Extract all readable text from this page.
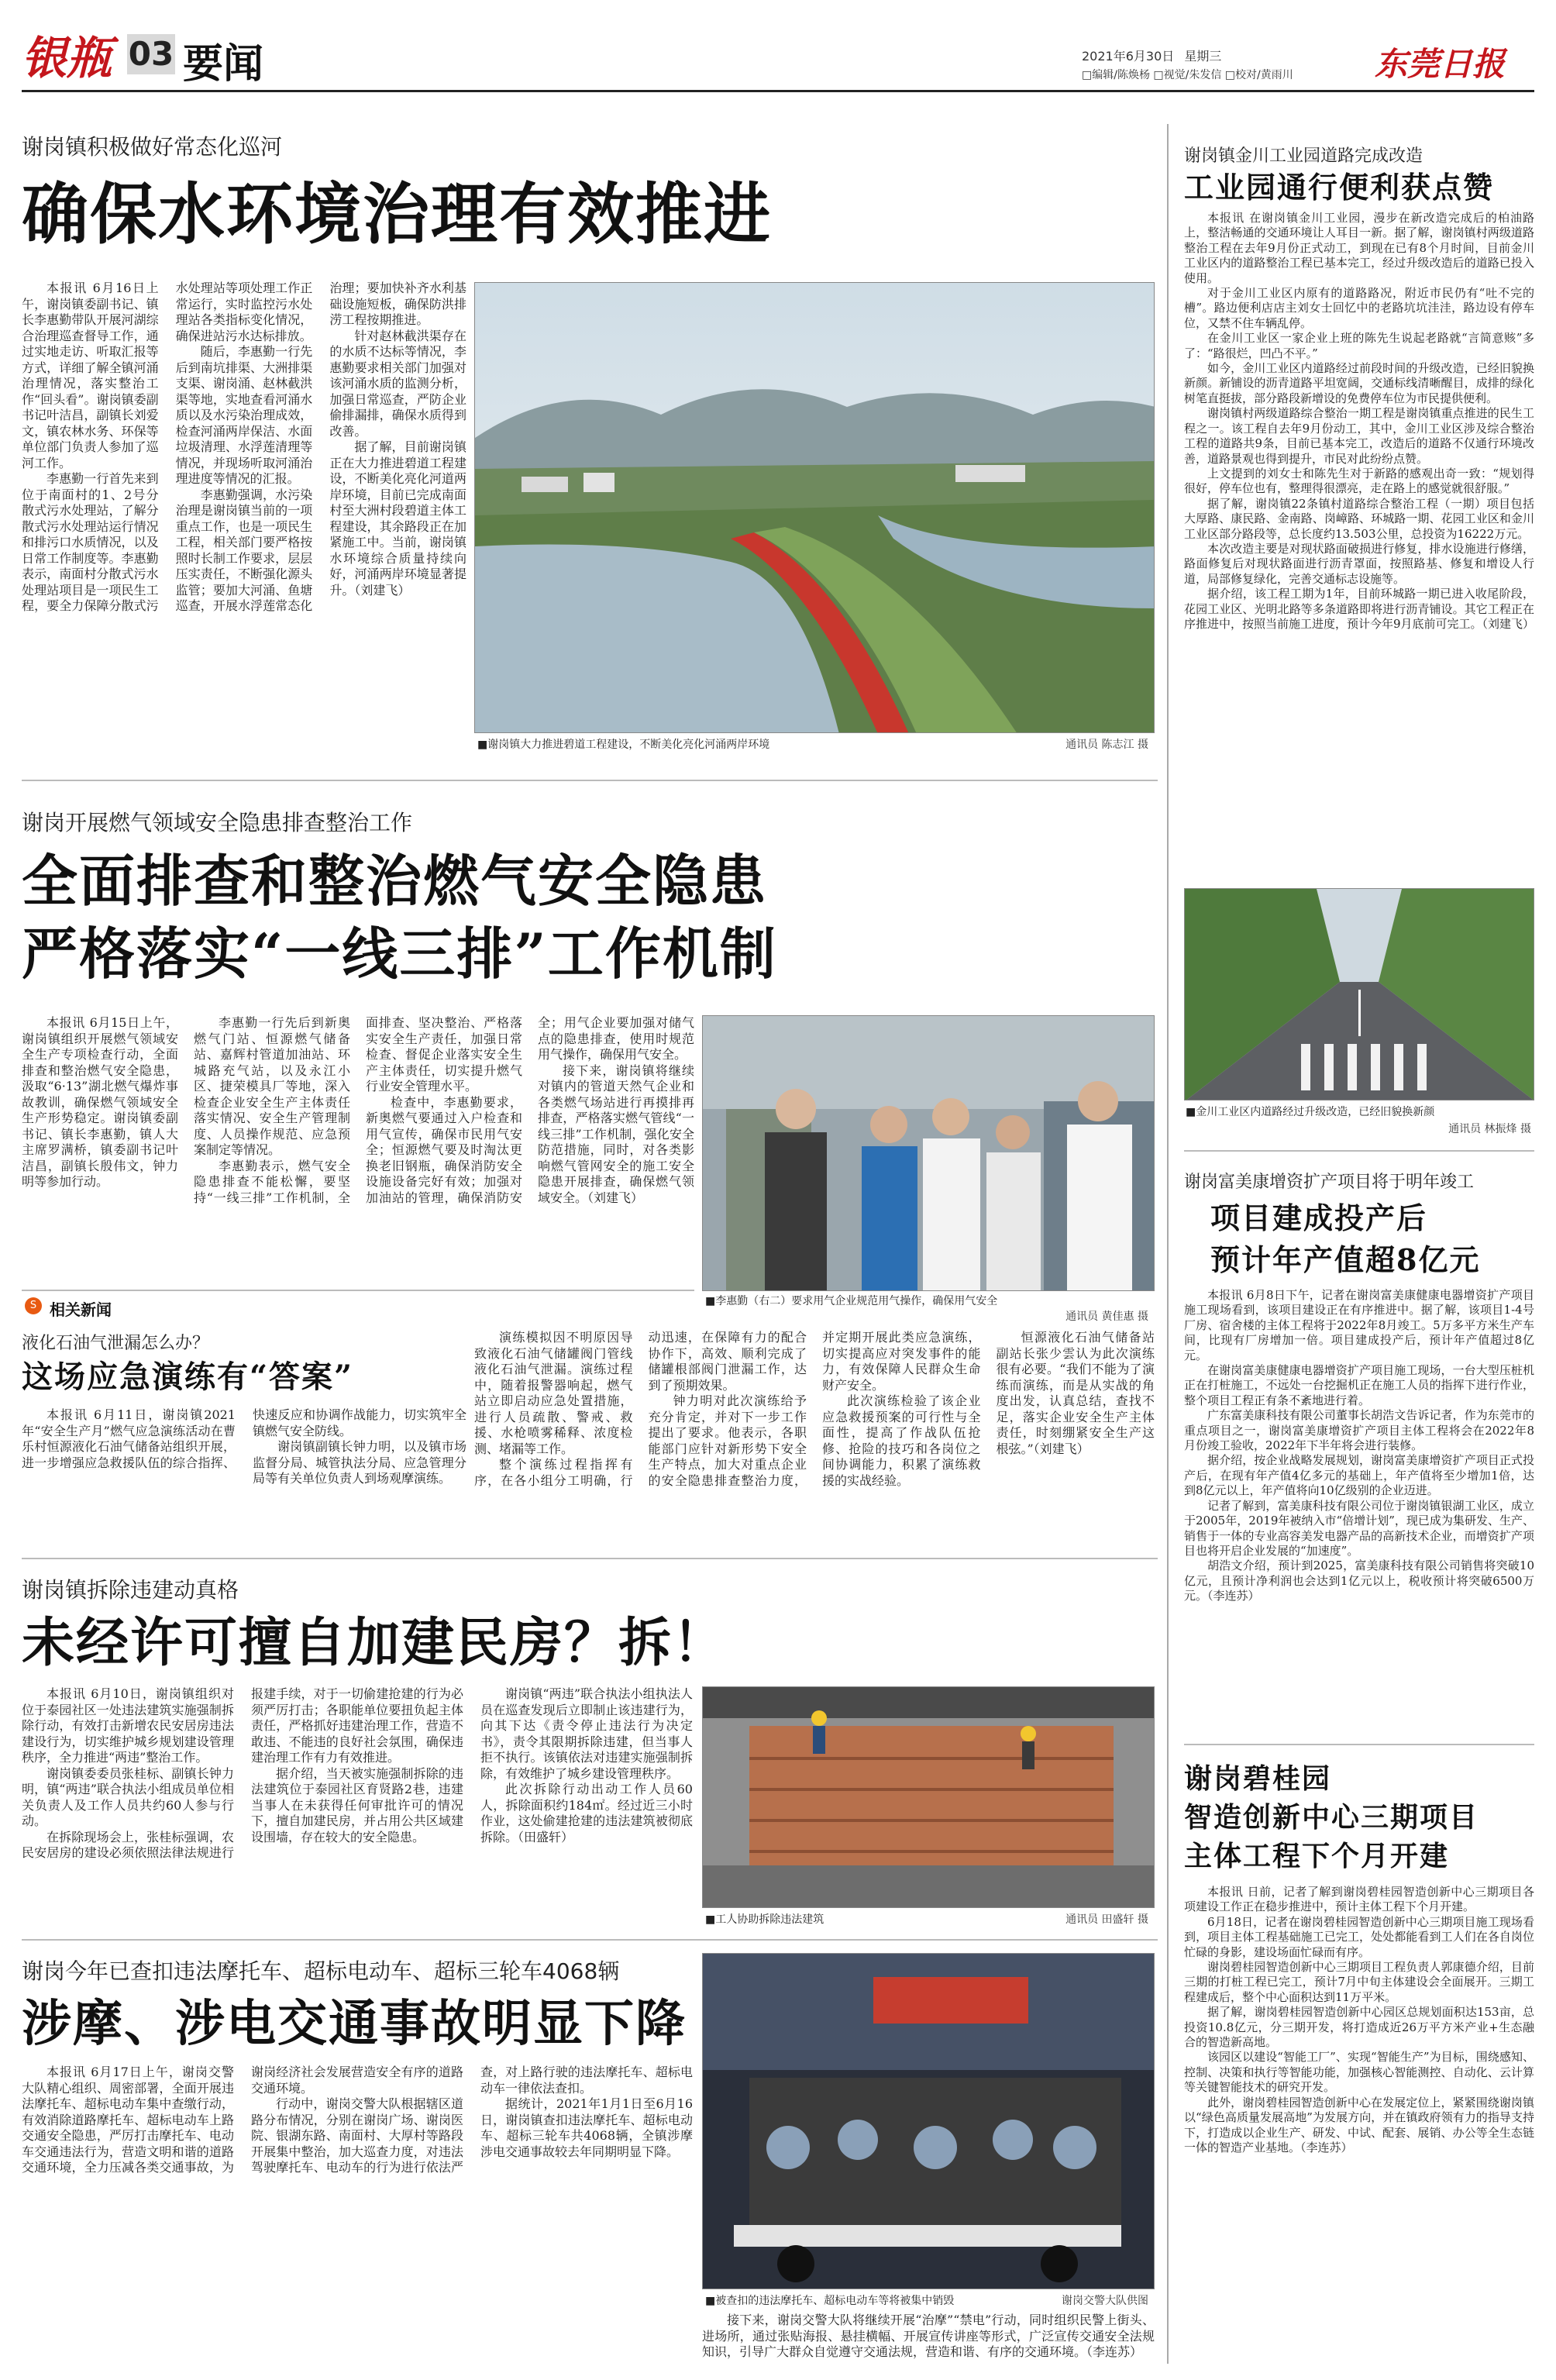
银瓶 03 要闻	2021年6月30日 星期三
□编辑/陈焕杨 □视觉/朱发信 □校对/黄雨川	东莞日报
谢岗镇积极做好常态化巡河
确保水环境治理有效推进

本报讯 6月16日上午，谢岗镇委副书记、镇长李惠勤带队开展河湖综合治理巡查督导工作，通过实地走访、听取汇报等方式，详细了解全镇河涌治理情况，落实整治工作“回头看”。谢岗镇委副书记叶洁昌，副镇长刘爱文，镇农林水务、环保等单位部门负责人参加了巡河工作。

李惠勤一行首先来到位于南面村的1、2号分散式污水处理站，了解分散式污水处理站运行情况和排污口水质情况，以及日常工作制度等。李惠勤表示，南面村分散式污水处理站项目是一项民生工程，要全力保障分散式污水处理站等项处理工作正常运行，实时监控污水处理站各类指标变化情况，确保进站污水达标排放。

随后，李惠勤一行先后到南坑排渠、大洲排渠支渠、谢岗涌、赵林截洪渠等地，实地查看河涌水质以及水污染治理成效，检查河涌两岸保洁、水面垃圾清理、水浮莲清理等情况，并现场听取河涌治理进度等情况的汇报。

李惠勤强调，水污染治理是谢岗镇当前的一项重点工作，也是一项民生工程，相关部门要严格按照时长制工作要求，层层压实责任，不断强化源头监管；要加大河涌、鱼塘巡查，开展水浮莲常态化治理；要加快补齐水利基础设施短板，确保防洪排涝工程按期推进。

针对赵林截洪渠存在的水质不达标等情况，李惠勤要求相关部门加强对该河涌水质的监测分析，加强日常巡查，严防企业偷排漏排，确保水质得到改善。

据了解，目前谢岗镇正在大力推进碧道工程建设，不断美化亮化河道两岸环境，目前已完成南面村至大洲村段碧道主体工程建设，其余路段正在加紧施工中。当前，谢岗镇水环境综合质量持续向好，河涌两岸环境显著提升。（刘建飞）

■谢岗镇大力推进碧道工程建设，不断美化亮化河涌两岸环境	通讯员 陈志江 摄
谢岗开展燃气领域安全隐患排查整治工作
全面排查和整治燃气安全隐患
严格落实“一线三排”工作机制

本报讯 6月15日上午，谢岗镇组织开展燃气领域安全生产专项检查行动，全面排查和整治燃气安全隐患，汲取“6·13”湖北燃气爆炸事故教训，确保燃气领域安全生产形势稳定。谢岗镇委副书记、镇长李惠勤，镇人大主席罗满桥，镇委副书记叶洁昌，副镇长殷伟文，钟力明等参加行动。

李惠勤一行先后到新奥燃气门站、恒源燃气储备站、嘉辉村管道加油站、环城路充气站，以及永江小区、捷荣模具厂等地，深入检查企业安全生产主体责任落实情况、安全生产管理制度、人员操作规范、应急预案制定等情况。

李惠勤表示，燃气安全隐患排查不能松懈，要坚持“一线三排”工作机制，全面排查、坚决整治、严格落实安全生产责任，加强日常检查、督促企业落实安全生产主体责任，切实提升燃气行业安全管理水平。

检查中，李惠勤要求，新奥燃气要通过入户检查和用气宣传，确保市民用气安全；恒源燃气要及时淘汰更换老旧钢瓶，确保消防安全设施设备完好有效；加强对加油站的管理，确保消防安全；用气企业要加强对储气点的隐患排查，使用时规范用气操作，确保用气安全。

接下来，谢岗镇将继续对镇内的管道天然气企业和各类燃气场站进行再摸排再排查，严格落实燃气管线“一线三排”工作机制，强化安全防范措施，同时，对各类影响燃气管网安全的施工安全隐患开展排查，确保燃气领域安全。（刘建飞）

■李惠勤（右二）要求用气企业规范用气操作，确保用气安全
通讯员 黄佳惠 摄
S 相关新闻
液化石油气泄漏怎么办？
这场应急演练有“答案”

本报讯 6月11日，谢岗镇2021年“安全生产月”燃气应急演练活动在曹乐村恒源液化石油气储备站组织开展，进一步增强应急救援队伍的综合指挥、快速反应和协调作战能力，切实筑牢全镇燃气安全防线。

谢岗镇副镇长钟力明，以及镇市场监督分局、城管执法分局、应急管理分局等有关单位负责人到场观摩演练。

演练模拟因不明原因导致液化石油气储罐阀门管线液化石油气泄漏。演练过程中，随着报警器响起，燃气站立即启动应急处置措施，进行人员疏散、警戒、救援、水枪喷雾稀释、浓度检测、堵漏等工作。

整个演练过程指挥有序，在各小组分工明确，行动迅速，在保障有力的配合协作下，高效、顺利完成了储罐根部阀门泄漏工作，达到了预期效果。

钟力明对此次演练给予充分肯定，并对下一步工作提出了要求。他表示，各职能部门应针对新形势下安全生产特点，加大对重点企业的安全隐患排查整治力度，并定期开展此类应急演练，切实提高应对突发事件的能力，有效保障人民群众生命财产安全。

此次演练检验了该企业应急救援预案的可行性与全面性，提高了作战队伍抢修、抢险的技巧和各岗位之间协调能力，积累了演练救援的实战经验。

恒源液化石油气储备站副站长张少雲认为此次演练很有必要。“我们不能为了演练而演练，而是从实战的角度出发，认真总结，查找不足，落实企业安全生产主体责任，时刻绷紧安全生产这根弦。”（刘建飞）

谢岗镇拆除违建动真格
未经许可擅自加建民房？拆！

本报讯 6月10日，谢岗镇组织对位于泰园社区一处违法建筑实施强制拆除行动，有效打击新增农民安居房违法建设行为，切实维护城乡规划建设管理秩序，全力推进“两违”整治工作。

谢岗镇委委员张桂标、副镇长钟力明，镇“两违”联合执法小组成员单位相关负责人及工作人员共约60人参与行动。

在拆除现场会上，张桂标强调，农民安居房的建设必须依照法律法规进行报建手续，对于一切偷建抢建的行为必须严厉打击；各职能单位要扭负起主体责任，严格抓好违建治理工作，营造不敢违、不能违的良好社会氛围，确保违建治理工作有力有效推进。

据介绍，当天被实施强制拆除的违法建筑位于泰园社区育贤路2巷，违建当事人在未获得任何审批许可的情况下，擅自加建民房，并占用公共区域建设围墙，存在较大的安全隐患。

谢岗镇“两违”联合执法小组执法人员在巡查发现后立即制止该违建行为，向其下达《责令停止违法行为决定书》，责令其限期拆除违建，但当事人拒不执行。该镇依法对违建实施强制拆除，有效维护了城乡建设管理秩序。

此次拆除行动出动工作人员60人，拆除面积约184㎡。经过近三小时作业，这处偷建抢建的违法建筑被彻底拆除。（田盛轩）

■工人协助拆除违法建筑	通讯员 田盛轩 摄
谢岗今年已查扣违法摩托车、超标电动车、超标三轮车4068辆
涉摩、涉电交通事故明显下降

本报讯 6月17日上午，谢岗交警大队精心组织、周密部署，全面开展违法摩托车、超标电动车集中查缴行动，有效消除道路摩托车、超标电动车上路交通安全隐患，严厉打击摩托车、电动车交通违法行为，营造文明和谐的道路交通环境，全力压减各类交通事故，为谢岗经济社会发展营造安全有序的道路交通环境。

行动中，谢岗交警大队根据辖区道路分布情况，分别在谢岗广场、谢岗医院、银湖东路、南面村、大厚村等路段开展集中整治，加大巡查力度，对违法驾驶摩托车、电动车的行为进行依法严查，对上路行驶的违法摩托车、超标电动车一律依法查扣。

据统计，2021年1月1日至6月16日，谢岗镇查扣违法摩托车、超标电动车、超标三轮车共4068辆，全镇涉摩涉电交通事故较去年同期明显下降。

■被查扣的违法摩托车、超标电动车等将被集中销毁	谢岗交警大队供图

接下来，谢岗交警大队将继续开展“治摩”“禁电”行动，同时组织民警上街头、进场所，通过张贴海报、悬挂横幅、开展宣传讲座等形式，广泛宣传交通安全法规知识，引导广大群众自觉遵守交通法规，营造和谐、有序的交通环境。（李连苏）

谢岗镇金川工业园道路完成改造
工业园通行便利获点赞

本报讯 在谢岗镇金川工业园，漫步在新改造完成后的柏油路上，整洁畅通的交通环境让人耳目一新。据了解，谢岗镇村两级道路整治工程在去年9月份正式动工，到现在已有8个月时间，目前金川工业区内的道路整治工程已基本完工，经过升级改造后的道路已投入使用。

对于金川工业区内原有的道路路况，附近市民仍有“吐不完的槽”。路边便利店店主刘女士回忆中的老路坑坑洼洼，路边设有停车位，又禁不住车辆乱停。

在金川工业区一家企业上班的陈先生说起老路就“言简意赅”多了：“路很烂，凹凸不平。”

如今，金川工业区内道路经过前段时间的升级改造，已经旧貌换新颜。新铺设的沥青道路平坦宽阔，交通标线清晰醒目，成排的绿化树笔直挺拔，部分路段新增设的免费停车位为市民提供便利。

谢岗镇村两级道路综合整治一期工程是谢岗镇重点推进的民生工程之一。该工程自去年9月份动工，其中，金川工业区涉及综合整治工程的道路共9条，目前已基本完工，改造后的道路不仅通行环境改善，道路景观也得到提升，市民对此纷纷点赞。

上文提到的刘女士和陈先生对于新路的感观出奇一致：“规划得很好，停车位也有，整理得很漂亮，走在路上的感觉就很舒服。”

据了解，谢岗镇22条镇村道路综合整治工程（一期）项目包括大厚路、康民路、金南路、岗嶂路、环城路一期、花园工业区和金川工业区部分路段等，总长度约13.503公里，总投资为16222万元。

本次改造主要是对现状路面破损进行修复，排水设施进行修缮，路面修复后对现状路面进行沥青罩面，按照路基、修复和增设人行道，局部修复绿化，完善交通标志设施等。

据介绍，该工程工期为1年，目前环城路一期已进入收尾阶段，花园工业区、光明北路等多条道路即将进行沥青铺设。其它工程正在序推进中，按照当前施工进度，预计今年9月底前可完工。（刘建飞）

■金川工业区内道路经过升级改造，已经旧貌换新颜
通讯员 林振烽 摄
谢岗富美康增资扩产项目将于明年竣工
项目建成投产后
预计年产值超8亿元

本报讯 6月8日下午，记者在谢岗富美康健康电器增资扩产项目施工现场看到，该项目建设正在有序推进中。据了解，该项目1-4号厂房、宿舍楼的主体工程将于2022年8月竣工。5万多平方米生产车间，比现有厂房增加一倍。项目建成投产后，预计年产值超过8亿元。

在谢岗富美康健康电器增资扩产项目施工现场，一台大型压桩机正在打桩施工，不远处一台挖掘机正在施工人员的指挥下进行作业，整个项目工程正有条不紊地进行着。

广东富美康科技有限公司董事长胡浩文告诉记者，作为东莞市的重点项目之一，谢岗富美康增资扩产项目主体工程将会在2022年8月份竣工验收，2022年下半年将会进行装修。

据介绍，按企业战略发展规划，谢岗富美康增资扩产项目正式投产后，在现有年产值4亿多元的基础上，年产值将至少增加1倍，达到8亿元以上，年产值将向10亿级别的企业迈进。

记者了解到，富美康科技有限公司位于谢岗镇银湖工业区，成立于2005年，2019年被纳入市“倍增计划”，现已成为集研发、生产、销售于一体的专业高容美发电器产品的高新技术企业，而增资扩产项目也将开启企业发展的“加速度”。

胡浩文介绍，预计到2025，富美康科技有限公司销售将突破10亿元，且预计净利润也会达到1亿元以上，税收预计将突破6500万元。（李连苏）

谢岗碧桂园
智造创新中心三期项目
主体工程下个月开建

本报讯 日前，记者了解到谢岗碧桂园智造创新中心三期项目各项建设工作正在稳步推进中，预计主体工程下个月开建。

6月18日，记者在谢岗碧桂园智造创新中心三期项目施工现场看到，项目主体工程基础施工已完工，处处都能看到工人们在各自岗位忙碌的身影，建设场面忙碌而有序。

谢岗碧桂园智造创新中心三期项目工程负责人郭康德介绍，目前三期的打桩工程已完工，预计7月中旬主体建设会全面展开。三期工程建成后，整个中心面积达到11万平米。

据了解，谢岗碧桂园智造创新中心园区总规划面积达153亩，总投资10.8亿元，分三期开发，将打造成近26万平方米产业+生态融合的智造新高地。

该园区以建设“智能工厂”、实现“智能生产”为目标，围绕感知、控制、决策和执行等智能功能，加强核心智能测控、自动化、云计算等关键智能技术的研究开发。

此外，谢岗碧桂园智造创新中心在发展定位上，紧紧围绕谢岗镇以“绿色高质量发展高地”为发展方向，并在镇政府领有力的指导支持下，打造成以企业生产、研发、中试、配套、展销、办公等全生态链一体的智造产业基地。（李连苏）
